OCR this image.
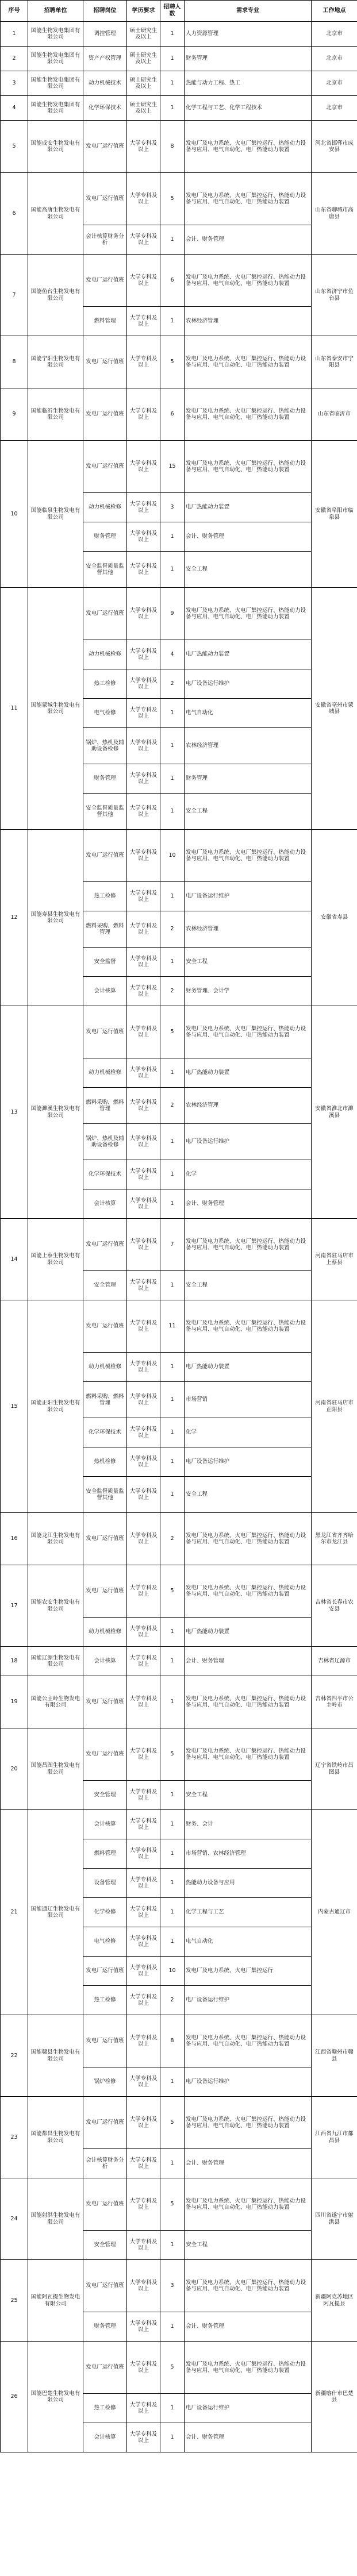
序号	招聘单位	招聘岗位	学历要求	招聘人数	需求专业	工作地点
1	国能生物发电集团有限公司	调控管理	硕士研究生及以上	1	人力资源管理	北京市
2	国能生物发电集团有限公司	资产产权管理	硕士研究生及以上	1	财务管理	北京市
3	国能生物发电集团有限公司	动力机械技术	硕士研究生及以上	1	热能与动力工程、热工	北京市
4	国能生物发电集团有限公司	化学环保技术	硕士研究生及以上	1	化学工程与工艺、化学工程技术	北京市
5	国能成安生物发电有限公司	发电厂运行值班	大学专科及以上	8	发电厂及电力系统、火电厂集控运行、热能动力设备与应用、电气自动化、电厂热能动力装置	河北省邯郸市成安县
6	国能高唐生物发电有限公司	发电厂运行值班	大学专科及以上	5	发电厂及电力系统、火电厂集控运行、热能动力设备与应用、电气自动化、电厂热能动力装置	山东省聊城市高唐县
		会计核算财务分析	大学专科及以上	1	会计、财务管理	
7	国能鱼台生物发电有限公司	发电厂运行值班	大学专科及以上	6	发电厂及电力系统、火电厂集控运行、热能动力设备与应用、电气自动化、电厂热能动力装置	山东省济宁市鱼台县
		燃料管理	大学专科及以上	1	农林经济管理	
8	国能宁阳生物发电有限公司	发电厂运行值班	大学专科及以上	5	发电厂及电力系统、火电厂集控运行、热能动力设备与应用、电气自动化、电厂热能动力装置	山东省泰安市宁阳县
9	国能临沂生物发电有限公司	发电厂运行值班	大学专科及以上	6	发电厂及电力系统、火电厂集控运行、热能动力设备与应用、电气自动化、电厂热能动力装置	山东省临沂市
10	国能临泉生物发电有限公司	发电厂运行值班	大学专科及以上	15	发电厂及电力系统、火电厂集控运行、热能动力设备与应用、电气自动化、电厂热能动力装置	安徽省阜阳市临泉县
		动力机械检修	大学专科及以上	3	电厂热能动力装置	
		财务管理	大学专科及以上	1	会计、财务管理	
		安全监督质量监督其他	大学专科及以上	1	安全工程	
11	国能蒙城生物发电有限公司	发电厂运行值班	大学专科及以上	9	发电厂及电力系统、火电厂集控运行、热能动力设备与应用、电气自动化、电厂热能动力装置	安徽省亳州市蒙城县
		动力机械检修	大学专科及以上	4	电厂热能动力装置	
		热工检修	大学专科及以上	2	电厂设备运行维护	
		电气检修	大学专科及以上	1	电气自动化	
		锅炉、热机及辅助设备检修	大学专科及以上	1	农林经济管理	
		财务管理	大学专科及以上	1	财务管理	
		安全监督质量监督其他	大学专科及以上	1	安全工程	
12	国能寿县生物发电有限公司	发电厂运行值班	大学专科及以上	10	发电厂及电力系统、火电厂集控运行、热能动力设备与应用、电气自动化、电厂热能动力装置	安徽省寿县
		热工检修	大学专科及以上	1	电厂设备运行维护	
		燃料采购、燃料管理	大学专科及以上	2	农林经济管理	
		安全监督	大学专科及以上	1	安全工程	
		会计核算	大学专科及以上	2	财务管理、会计学	
13	国能濉溪生物发电有限公司	发电厂运行值班	大学专科及以上	5	发电厂及电力系统、火电厂集控运行、热能动力设备与应用、电气自动化、电厂热能动力装置	安徽省淮北市濉溪县
		动力机械检修	大学专科及以上	1	电厂热能动力装置	
		燃料采购、燃料管理	大学专科及以上	2	农林经济管理	
		锅炉、热机及辅助设备检修	大学专科及以上	1	电厂设备运行维护	
		化学环保技术	大学专科及以上	1	化学	
		会计核算	大学专科及以上	1	会计、财务管理	
14	国能上蔡生物发电有限公司	发电厂运行值班	大学专科及以上	7	发电厂及电力系统、火电厂集控运行、热能动力设备与应用、电气自动化、电厂热能动力装置	河南省驻马店市上蔡县
		安全管理	大学专科及以上	1	安全工程	
15	国能正阳生物发电有限公司	发电厂运行值班	大学专科及以上	11	发电厂及电力系统、火电厂集控运行、热能动力设备与应用、电气自动化、电厂热能动力装置	河南省驻马店市正阳县
		动力机械检修	大学专科及以上	1	电厂热能动力装置	
		燃料采购、燃料管理	大学专科及以上	1	市场营销	
		化学环保技术	大学专科及以上	1	化学	
		热机检修	大学专科及以上	1	电厂设备运行维护	
		安全监督质量监督其他	大学专科及以上	1	安全工程	
16	国能龙江生物发电有限公司	发电厂运行值班	大学专科及以上	2	发电厂及电力系统、火电厂集控运行、热能动力设备与应用、电气自动化、电厂热能动力装置	黑龙江省齐齐哈尔市龙江县
17	国能农安生物发电有限公司	发电厂运行值班	大学专科及以上	5	发电厂及电力系统、火电厂集控运行、热能动力设备与应用、电气自动化、电厂热能动力装置	吉林省长春市农安县
		动力机械检修	大学专科及以上	1	电厂热能动力装置	
18	国能辽源生物发电有限公司	会计核算	大学专科及以上	1	会计、财务管理	吉林省辽源市
19	国能公主岭生物发电有限公司	发电厂运行值班	大学专科及以上	1	发电厂及电力系统、火电厂集控运行、热能动力设备与应用、电气自动化、电厂热能动力装置	吉林省四平市公主岭市
20	国能昌图生物发电有限公司	发电厂运行值班	大学专科及以上	5	发电厂及电力系统、火电厂集控运行、热能动力设备与应用、电气自动化、电厂热能动力装置	辽宁省铁岭市昌图县
		安全管理	大学专科及以上	1	安全工程	
21	国能通辽生物发电有限公司	会计核算	大学专科及以上	1	财务、会计	内蒙古通辽市
		燃料管理	大学专科及以上	1	市场营销、农林经济管理	
		设备管理	大学专科及以上	1	热能动力设备与应用	
		化学检修	大学专科及以上	1	化学工程与工艺	
		电气检修	大学专科及以上	1	电气自动化	
		发电厂运行值班	大学专科及以上	10	发电厂及电力系统、火电厂集控运行	
		热工检修	大学专科及以上	2	电厂设备运行维护	
22	国能赣县生物发电有限公司	发电厂运行值班	大学专科及以上	8	发电厂及电力系统、火电厂集控运行、热能动力设备与应用、电气自动化、电厂热能动力装置	江西省赣州市赣县
		锅炉检修	大学专科及以上	1	电厂设备运行维护	
23	国能都昌生物发电有限公司	发电厂运行值班	大学专科及以上	5	发电厂及电力系统、火电厂集控运行、热能动力设备与应用、电气自动化、电厂热能动力装置	江西省九江市都昌县
		会计核算财务分析	大学专科及以上	1	会计、财务管理	
24	国能射洪生物发电有限公司	发电厂运行值班	大学专科及以上	5	发电厂及电力系统、火电厂集控运行、热能动力设备与应用、电气自动化、电厂热能动力装置	四川省遂宁市射洪县
		安全管理	大学专科及以上	1	安全工程	
25	国能阿瓦提生物发电有限公司	发电厂运行值班	大学专科及以上	3	发电厂及电力系统、火电厂集控运行、热能动力设备与应用、电气自动化、电厂热能动力装置	新疆阿克苏地区阿瓦提县
		财务管理	大学专科及以上	1	会计、财务管理	
26	国能巴楚生物发电有限公司	发电厂运行值班	大学专科及以上	5	发电厂及电力系统、火电厂集控运行、热能动力设备与应用、电气自动化、电厂热能动力装置	新疆喀什市巴楚县
		热工检修	大学专科及以上	1	电厂设备运行维护	
		会计核算	大学专科及以上	1	会计、财务管理	
